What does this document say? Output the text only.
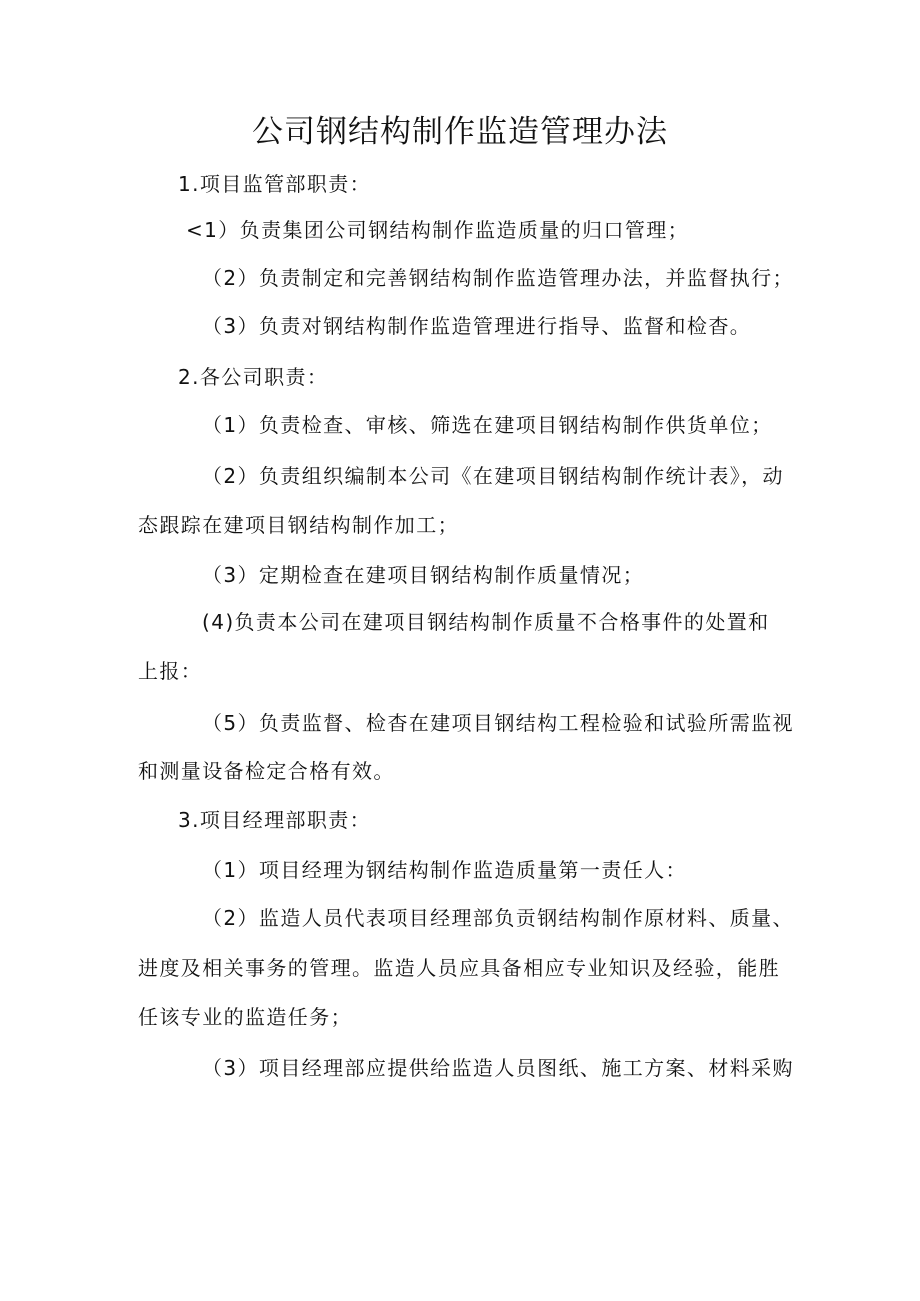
公司钢结构制作监造管理办法
1.项目监管部职责：
<1）负责集团公司钢结构制作监造质量的归口管理；
（2）负责制定和完善钢结构制作监造管理办法，并监督执行；
（3）负责对钢结构制作监造管理进行指导、监督和检杳。
2.各公司职责：
（1）负责检查、审核、筛选在建项目钢结构制作供货单位；
（2）负责组织编制本公司《在建项目钢结构制作统计表》，动
态跟踪在建项目钢结构制作加工；
（3）定期检查在建项目钢结构制作质量情况；
(4)负责本公司在建项目钢结构制作质量不合格事件的处置和
上报：
（5）负责监督、检杳在建项目钢结构工程检验和试验所需监视
和测量设备检定合格有效。
3.项目经理部职责：
（1）项目经理为钢结构制作监造质量第一责任人：
（2）监造人员代表项目经理部负贡钢结构制作原材料、质量、
进度及相关事务的管理。监造人员应具备相应专业知识及经验，能胜
任该专业的监造任务；
（3）项目经理部应提供给监造人员图纸、施工方案、材料采购
